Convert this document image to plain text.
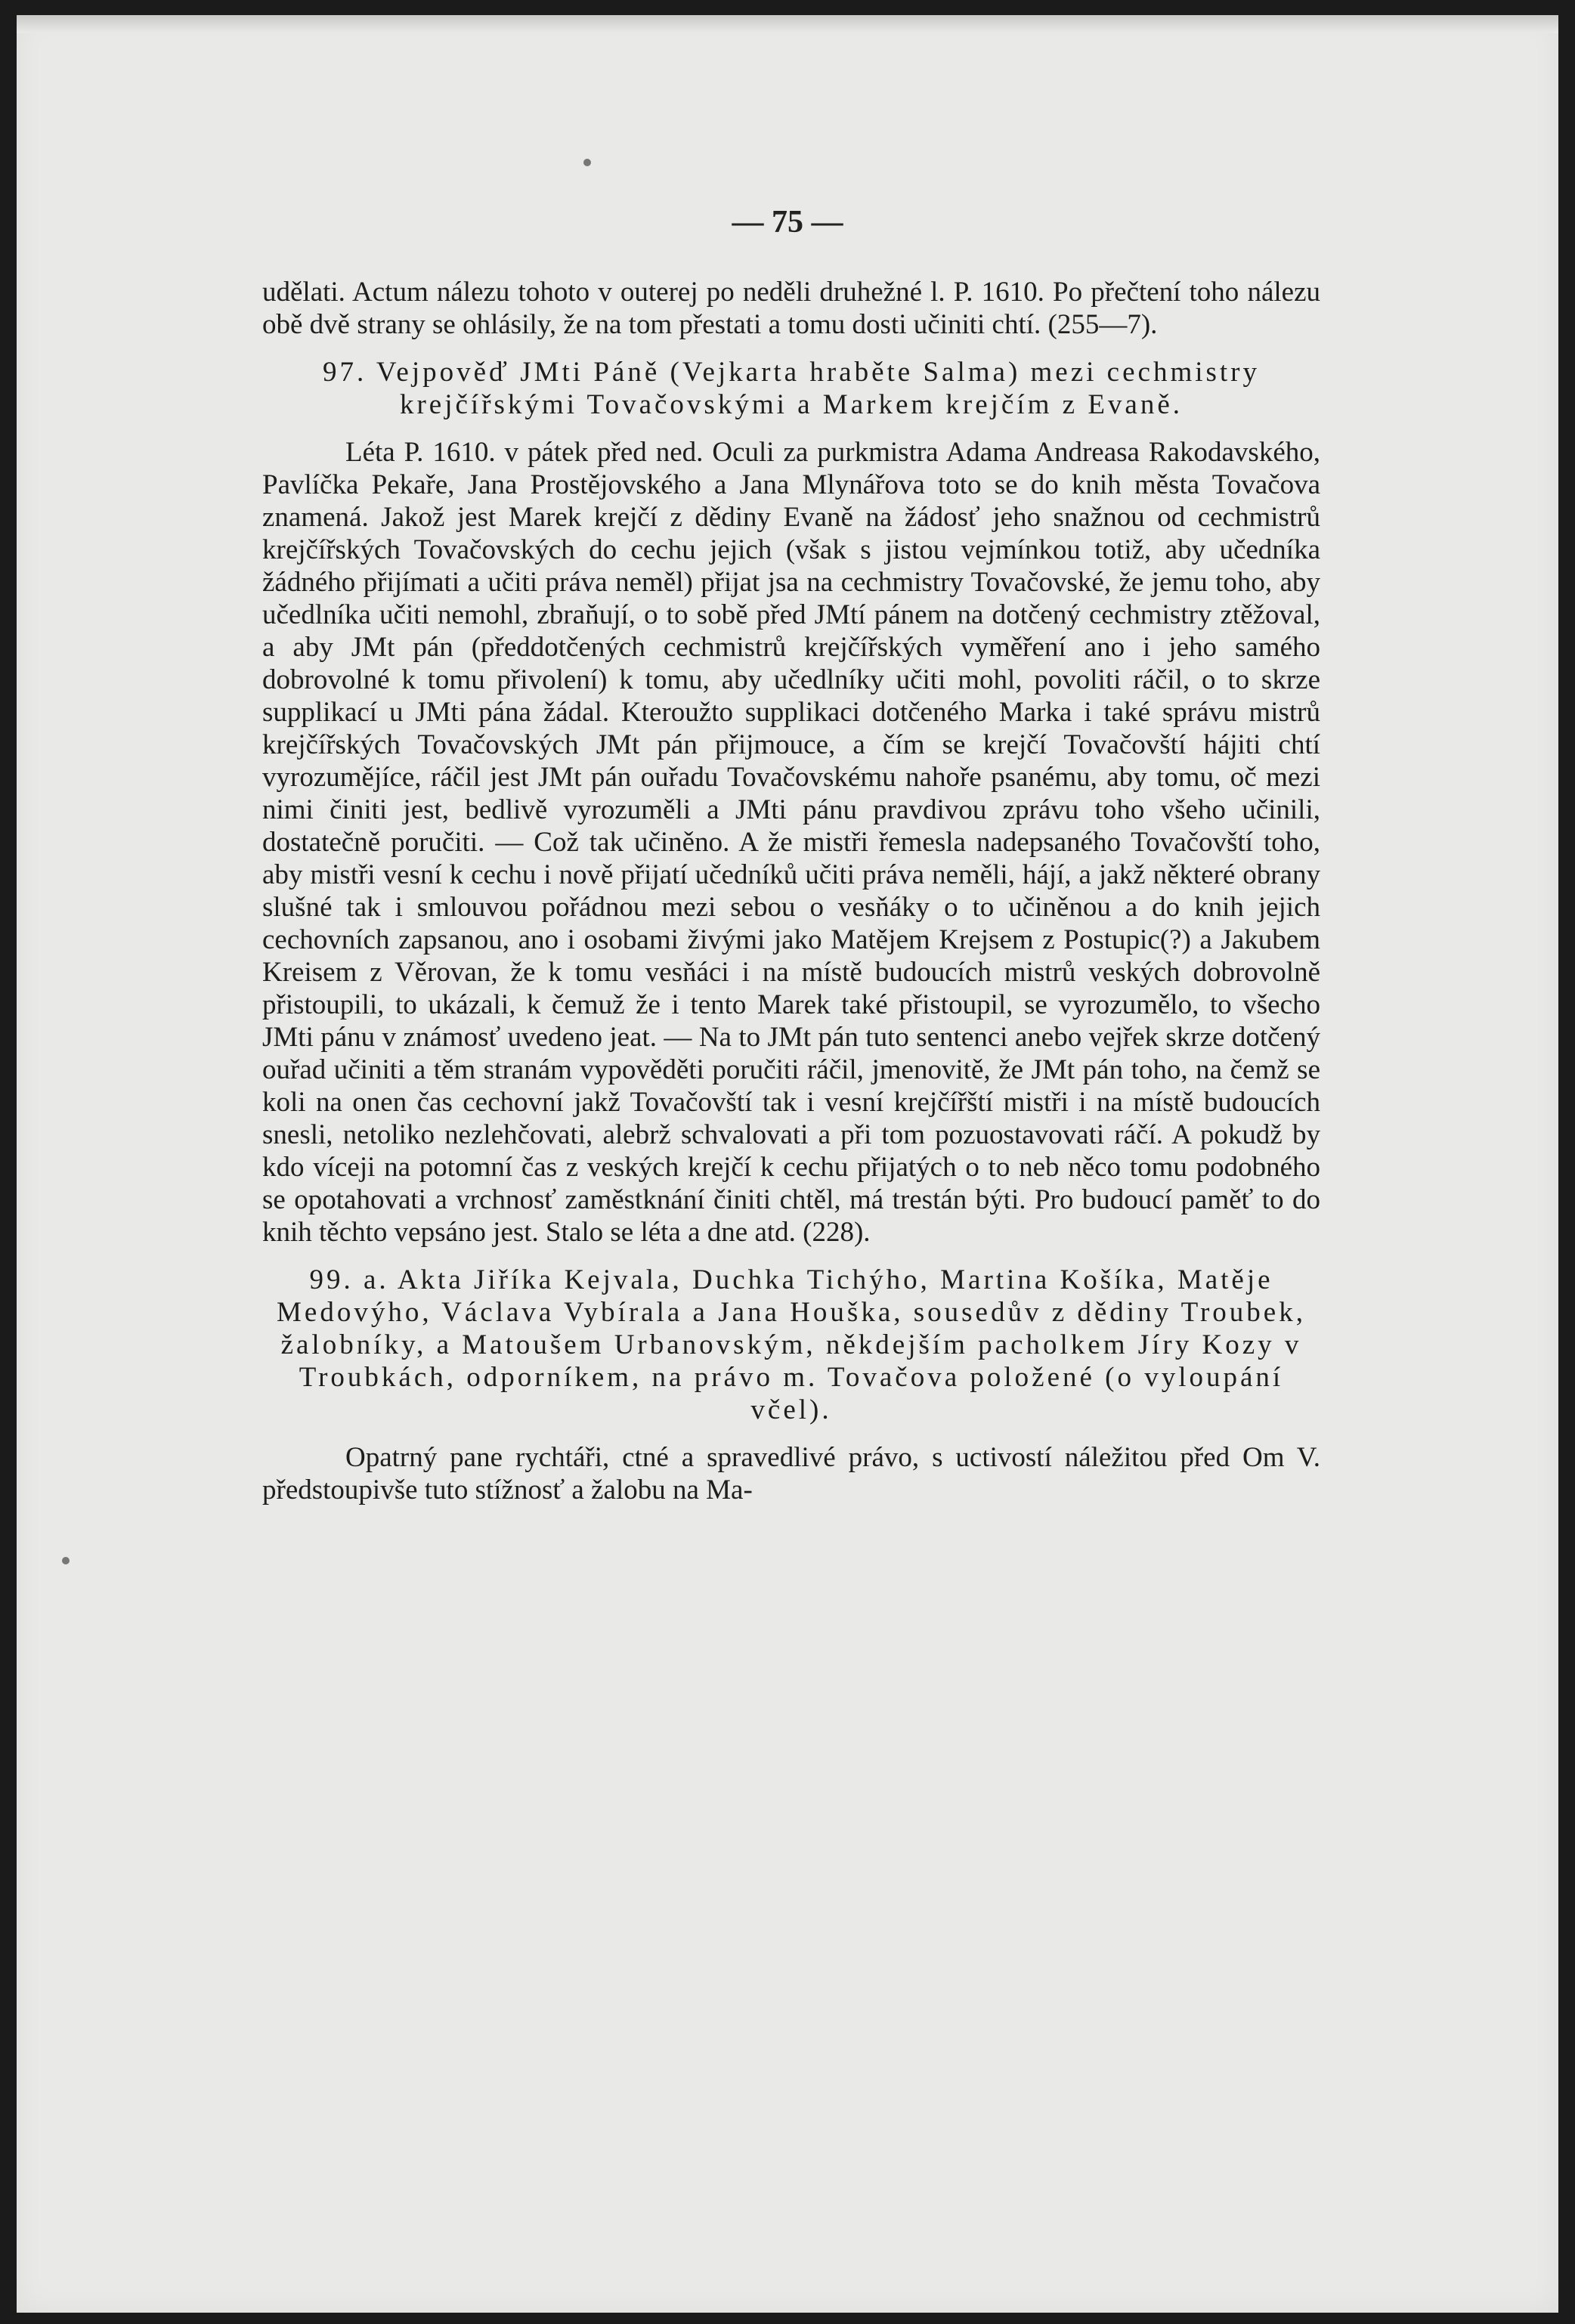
— 75 —

udělati. Actum nálezu tohoto v outerej po neděli druhežné l. P. 1610. Po přečtení toho nálezu obě dvě strany se ohlásily, že na tom přestati a tomu dosti učiniti chtí. (255—7).

97. Vejpověď JMti Páně (Vejkarta hraběte Salma) mezi cechmistry krejčířskými Tovačovskými a Markem krejčím z Evaně.

Léta P. 1610. v pátek před ned. Oculi za purkmistra Adama Andreasa Rakodavského, Pavlíčka Pekaře, Jana Prostějovského a Jana Mlynářova toto se do knih města Tovačova znamená. Jakož jest Marek krejčí z dědiny Evaně na žádosť jeho snažnou od cechmistrů krejčířských Tovačovských do cechu jejich (však s jistou vejmínkou totiž, aby učedníka žádného přijímati a učiti práva neměl) přijat jsa na cechmistry Tovačovské, že jemu toho, aby učedlníka učiti nemohl, zbraňují, o to sobě před JMtí pánem na dotčený cechmistry ztěžoval, a aby JMt pán (předdotčených cechmistrů krejčířských vyměření ano i jeho samého dobrovolné k tomu přivolení) k tomu, aby učedlníky učiti mohl, povoliti ráčil, o to skrze supplikací u JMti pána žádal. Kteroužto supplikaci dotčeného Marka i také správu mistrů krejčířských Tovačovských JMt pán přijmouce, a čím se krejčí Tovačovští hájiti chtí vyrozumějíce, ráčil jest JMt pán ouřadu Tovačovskému nahoře psanému, aby tomu, oč mezi nimi činiti jest, bedlivě vyrozuměli a JMti pánu pravdivou zprávu toho všeho učinili, dostatečně poručiti. — Což tak učiněno. A že mistři řemesla nadepsaného Tovačovští toho, aby mistři vesní k cechu i nově přijatí učedníků učiti práva neměli, hájí, a jakž některé obrany slušné tak i smlouvou pořádnou mezi sebou o vesňáky o to učiněnou a do knih jejich cechovních zapsanou, ano i osobami živými jako Matějem Krejsem z Postupic(?) a Jakubem Kreisem z Věrovan, že k tomu vesňáci i na místě budoucích mistrů veských dobrovolně přistoupili, to ukázali, k čemuž že i tento Marek také přistoupil, se vyrozumělo, to všecho JMti pánu v známosť uvedeno jeat. — Na to JMt pán tuto sentenci anebo vejřek skrze dotčený ouřad učiniti a těm stranám vypověděti poručiti ráčil, jmenovitě, že JMt pán toho, na čemž se koli na onen čas cechovní jakž Tovačovští tak i vesní krejčířští mistři i na místě budoucích snesli, netoliko nezlehčovati, alebrž schvalovati a při tom pozuostavovati ráčí. A pokudž by kdo víceji na potomní čas z veských krejčí k cechu přijatých o to neb něco tomu podobného se opotahovati a vrchnosť zaměstknání činiti chtěl, má trestán býti. Pro budoucí paměť to do knih těchto vepsáno jest. Stalo se léta a dne atd. (228).

99. a. Akta Jiříka Kejvala, Duchka Tichýho, Martina Košíka, Matěje Medovýho, Václava Vybírala a Jana Houška, sousedův z dědiny Troubek, žalobníky, a Matoušem Urbanovským, někdejším pacholkem Jíry Kozy v Troubkách, odporníkem, na právo m. Tovačova položené (o vyloupání včel).

Opatrný pane rychtáři, ctné a spravedlivé právo, s uctivostí náležitou před Om V. předstoupivše tuto stížnosť a žalobu na Ma-
